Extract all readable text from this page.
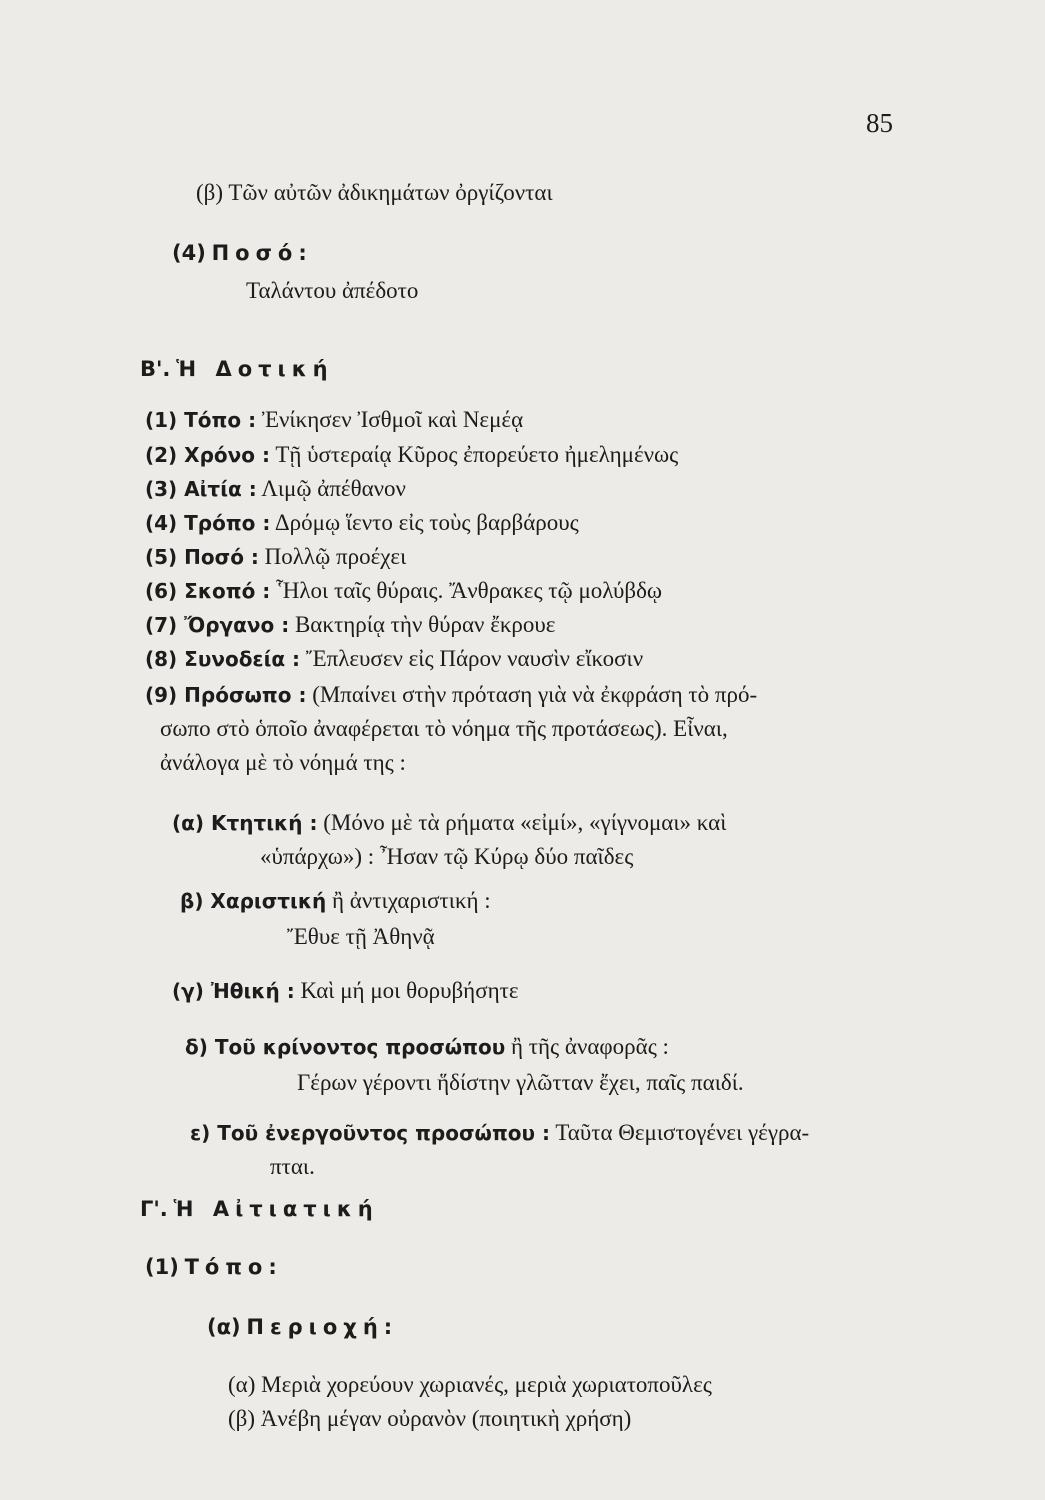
85
(β) Τῶν αὐτῶν ἀδικημάτων ὀργίζονται
(4) Ποσό:
Ταλάντου ἀπέδοτο
Β'. Ἡ Δοτική
(1) Τόπο : Ἐνίκησεν Ἰσθμοῖ καὶ Νεμέᾳ
(2) Χρόνο : Τῇ ὑστεραίᾳ Κῦρος ἐπορεύετο ἠμελημένως
(3) Αἰτία : Λιμῷ ἀπέθανον
(4) Τρόπο : Δρόμῳ ἵεντο εἰς τοὺς βαρβάρους
(5) Ποσό : Πολλῷ προέχει
(6) Σκοπό : Ἧλοι ταῖς θύραις. Ἄνθρακες τῷ μολύβδῳ
(7) Ὄργανο : Βακτηρίᾳ τὴν θύραν ἔκρουε
(8) Συνοδεία : Ἔπλευσεν εἰς Πάρον ναυσὶν εἴκοσιν
(9) Πρόσωπο : (Μπαίνει στὴν πρόταση γιὰ νὰ ἐκφράση τὸ πρό-
σωπο στὸ ὁποῖο ἀναφέρεται τὸ νόημα τῆς προτάσεως). Εἶναι,
ἀνάλογα μὲ τὸ νόημά της :
(α) Κτητική : (Μόνο μὲ τὰ ρήματα «εἰμί», «γίγνομαι» καὶ
«ὑπάρχω») : Ἦσαν τῷ Κύρῳ δύο παῖδες
β) Χαριστική ἢ ἀντιχαριστική :
Ἔθυε τῇ Ἀθηνᾷ
(γ) Ἠθική : Καὶ μή μοι θορυβήσητε
δ) Τοῦ κρίνοντος προσώπου ἢ τῆς ἀναφορᾶς :
Γέρων γέροντι ἥδίστην γλῶτταν ἔχει, παῖς παιδί.
ε) Τοῦ ἐνεργοῦντος προσώπου : Ταῦτα Θεμιστογένει γέγρα-
πται.
Γ'. Ἡ Αἰτιατική
(1) Τόπο:
(α) Περιοχή:
(α) Μεριὰ χορεύουν χωριανές, μεριὰ χωριατοποῦλες
(β) Ἀνέβη μέγαν οὐρανὸν (ποιητικὴ χρήση)
